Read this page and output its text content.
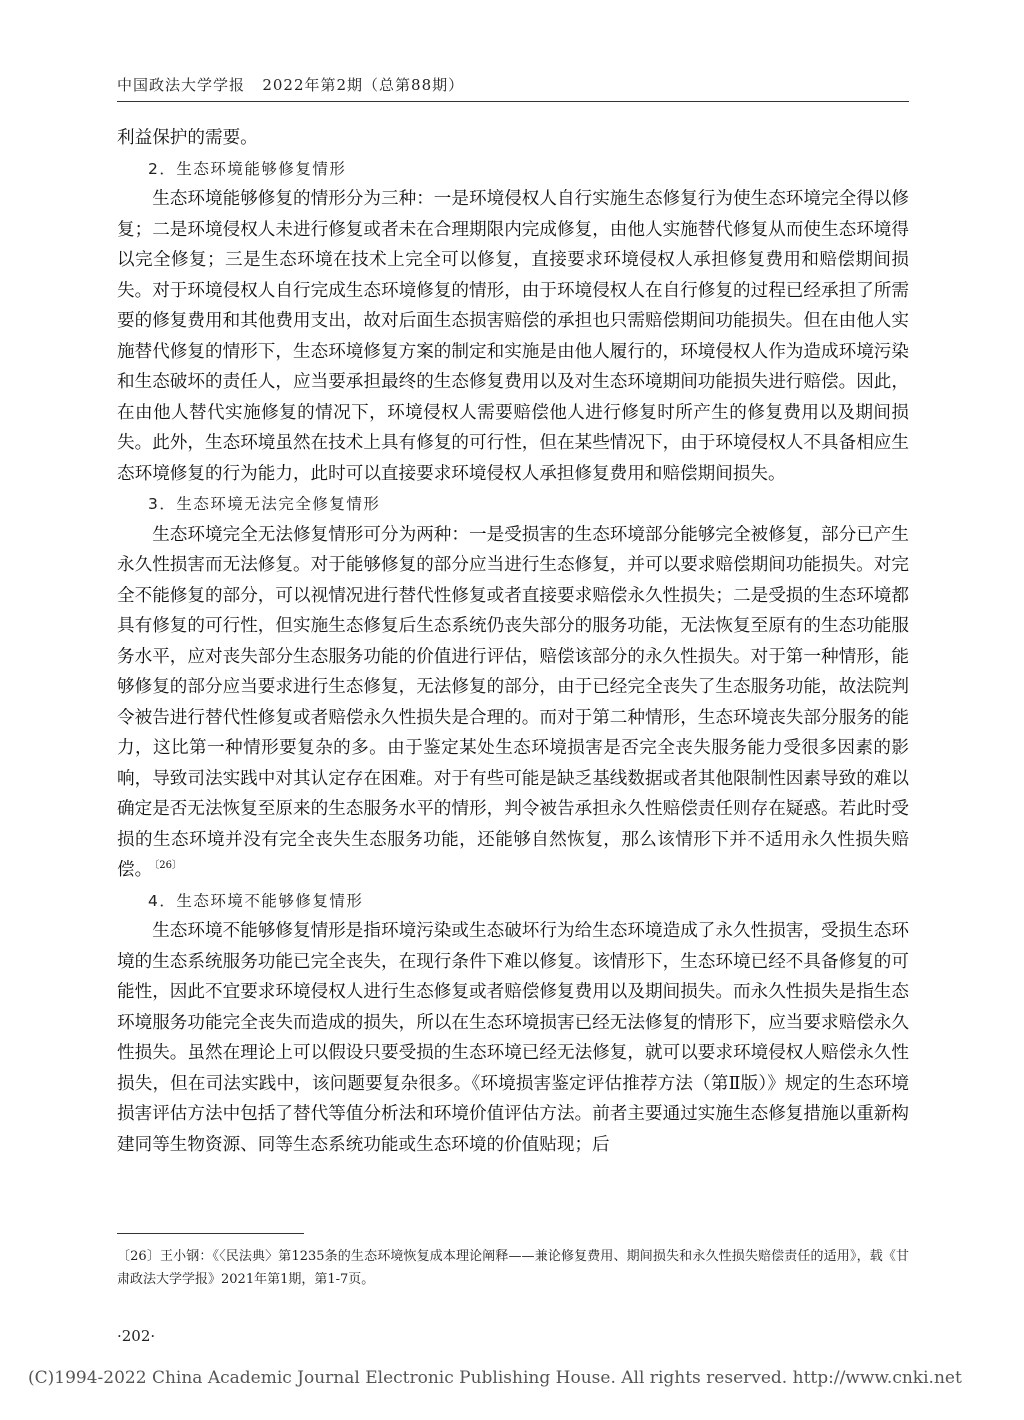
中国政法大学学报 2022年第2期（总第88期）

利益保护的需要。

2．生态环境能够修复情形

生态环境能够修复的情形分为三种：一是环境侵权人自行实施生态修复行为使生态环境完全得以修复；二是环境侵权人未进行修复或者未在合理期限内完成修复，由他人实施替代修复从而使生态环境得以完全修复；三是生态环境在技术上完全可以修复，直接要求环境侵权人承担修复费用和赔偿期间损失。对于环境侵权人自行完成生态环境修复的情形，由于环境侵权人在自行修复的过程已经承担了所需要的修复费用和其他费用支出，故对后面生态损害赔偿的承担也只需赔偿期间功能损失。但在由他人实施替代修复的情形下，生态环境修复方案的制定和实施是由他人履行的，环境侵权人作为造成环境污染和生态破坏的责任人，应当要承担最终的生态修复费用以及对生态环境期间功能损失进行赔偿。因此，在由他人替代实施修复的情况下，环境侵权人需要赔偿他人进行修复时所产生的修复费用以及期间损失。此外，生态环境虽然在技术上具有修复的可行性，但在某些情况下，由于环境侵权人不具备相应生态环境修复的行为能力，此时可以直接要求环境侵权人承担修复费用和赔偿期间损失。

3．生态环境无法完全修复情形

生态环境完全无法修复情形可分为两种：一是受损害的生态环境部分能够完全被修复，部分已产生永久性损害而无法修复。对于能够修复的部分应当进行生态修复，并可以要求赔偿期间功能损失。对完全不能修复的部分，可以视情况进行替代性修复或者直接要求赔偿永久性损失；二是受损的生态环境都具有修复的可行性，但实施生态修复后生态系统仍丧失部分的服务功能，无法恢复至原有的生态功能服务水平，应对丧失部分生态服务功能的价值进行评估，赔偿该部分的永久性损失。对于第一种情形，能够修复的部分应当要求进行生态修复，无法修复的部分，由于已经完全丧失了生态服务功能，故法院判令被告进行替代性修复或者赔偿永久性损失是合理的。而对于第二种情形，生态环境丧失部分服务的能力，这比第一种情形要复杂的多。由于鉴定某处生态环境损害是否完全丧失服务能力受很多因素的影响，导致司法实践中对其认定存在困难。对于有些可能是缺乏基线数据或者其他限制性因素导致的难以确定是否无法恢复至原来的生态服务水平的情形，判令被告承担永久性赔偿责任则存在疑惑。若此时受损的生态环境并没有完全丧失生态服务功能，还能够自然恢复，那么该情形下并不适用永久性损失赔偿。 $^{〔26〕}$

4．生态环境不能够修复情形

生态环境不能够修复情形是指环境污染或生态破坏行为给生态环境造成了永久性损害，受损生态环境的生态系统服务功能已完全丧失，在现行条件下难以修复。该情形下，生态环境已经不具备修复的可能性，因此不宜要求环境侵权人进行生态修复或者赔偿修复费用以及期间损失。而永久性损失是指生态环境服务功能完全丧失而造成的损失，所以在生态环境损害已经无法修复的情形下，应当要求赔偿永久性损失。虽然在理论上可以假设只要受损的生态环境已经无法修复，就可以要求环境侵权人赔偿永久性损失，但在司法实践中，该问题要复杂很多。《环境损害鉴定评估推荐方法（第Ⅱ版）》规定的生态环境损害评估方法中包括了替代等值分析法和环境价值评估方法。前者主要通过实施生态修复措施以重新构建同等生物资源、同等生态系统功能或生态环境的价值贴现；后

〔26〕王小钢：《〈民法典〉第1235条的生态环境恢复成本理论阐释——兼论修复费用、期间损失和永久性损失赔偿责任的适用》，载《甘肃政法大学学报》2021年第1期，第1-7页。
·202·
(C)1994-2022 China Academic Journal Electronic Publishing House. All rights reserved. http://www.cnki.net
